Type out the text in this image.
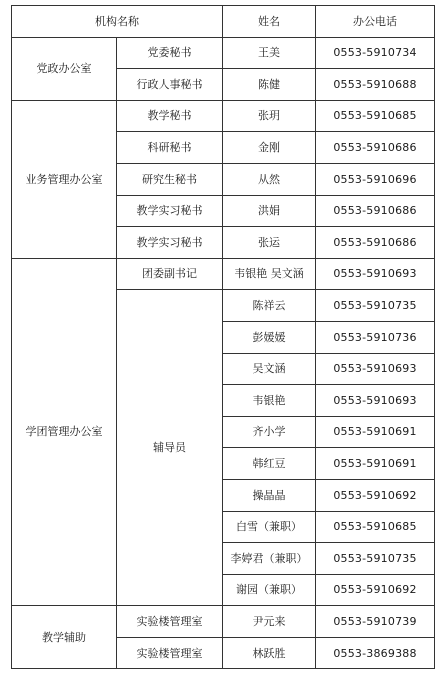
机构名称		姓名	办公电话
党政办公室	党委秘书	王美	0553-5910734
	行政人事秘书	陈健	0553-5910688
业务管理办公室	教学秘书	张玥	0553-5910685
	科研秘书	金刚	0553-5910686
	研究生秘书	从然	0553-5910696
	教学实习秘书	洪娟	0553-5910686
	教学实习秘书	张运	0553-5910686
学团管理办公室	团委副书记	韦银艳 吴文涵	0553-5910693
	辅导员	陈祥云	0553-5910735
		彭媛媛	0553-5910736
		吴文涵	0553-5910693
		韦银艳	0553-5910693
		齐小学	0553-5910691
		韩红豆	0553-5910691
		操晶晶	0553-5910692
		白雪（兼职）	0553-5910685
		李婷君（兼职）	0553-5910735
		谢园（兼职）	0553-5910692
教学辅助	实验楼管理室	尹元来	0553-5910739
	实验楼管理室	林跃胜	0553-3869388
